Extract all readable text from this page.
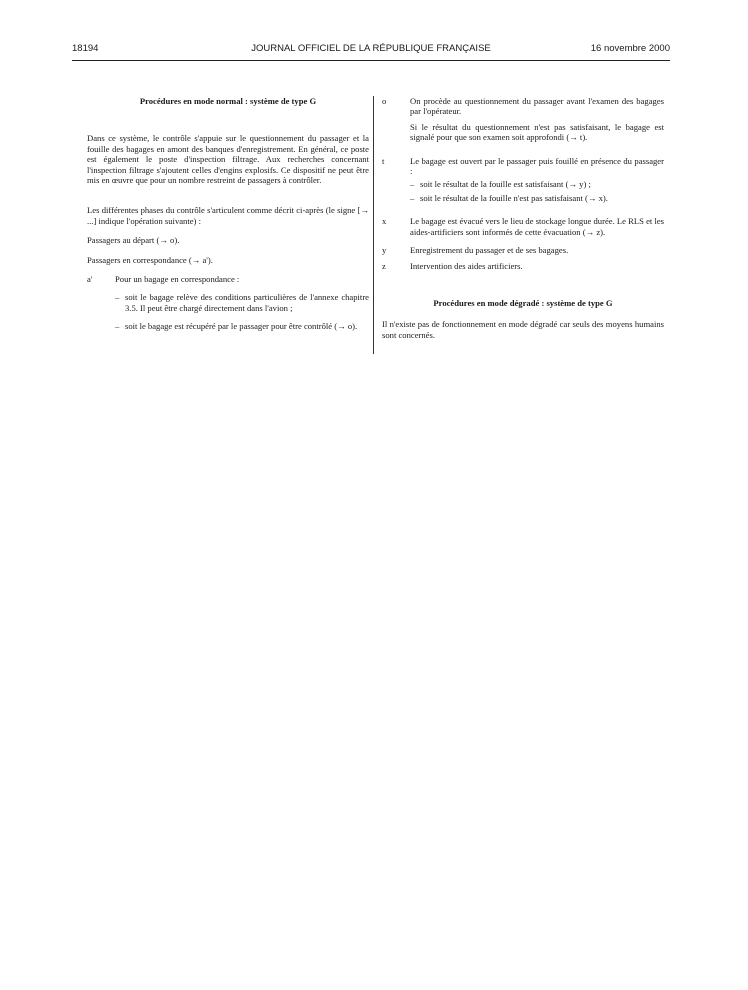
18194	JOURNAL OFFICIEL DE LA RÉPUBLIQUE FRANÇAISE	16 novembre 2000

Procédures en mode normal : système de type G

Dans ce système, le contrôle s'appuie sur le questionnement du passager et la fouille des bagages en amont des banques d'enregistrement. En général, ce poste est également le poste d'inspection filtrage. Aux recherches concernant l'inspection filtrage s'ajoutent celles d'engins explosifs. Ce dispositif ne peut être mis en œuvre que pour un nombre restreint de passagers à contrôler.

Les différentes phases du contrôle s'articulent comme décrit ci-après (le signe [→ ...] indique l'opération suivante) :

Passagers au départ (→ o).

Passagers en correspondance (→ a').

a'	Pour un bagage en correspondance :
– soit le bagage relève des conditions particulières de l'annexe chapitre 3.5. Il peut être chargé directement dans l'avion ;
– soit le bagage est récupéré par le passager pour être contrôlé (→ o).
o	On procède au questionnement du passager avant l'examen des bagages par l'opérateur.
Si le résultat du questionnement n'est pas satisfaisant, le bagage est signalé pour que son examen soit approfondi (→ t).
t	Le bagage est ouvert par le passager puis fouillé en présence du passager :
– soit le résultat de la fouille est satisfaisant (→ y) ;
– soit le résultat de la fouille n'est pas satisfaisant (→ x).
x	Le bagage est évacué vers le lieu de stockage longue durée. Le RLS et les aides-artificiers sont informés de cette évacuation (→ z).
y	Enregistrement du passager et de ses bagages.
z	Intervention des aides artificiers.

Procédures en mode dégradé : système de type G

Il n'existe pas de fonctionnement en mode dégradé car seuls des moyens humains sont concernés.
